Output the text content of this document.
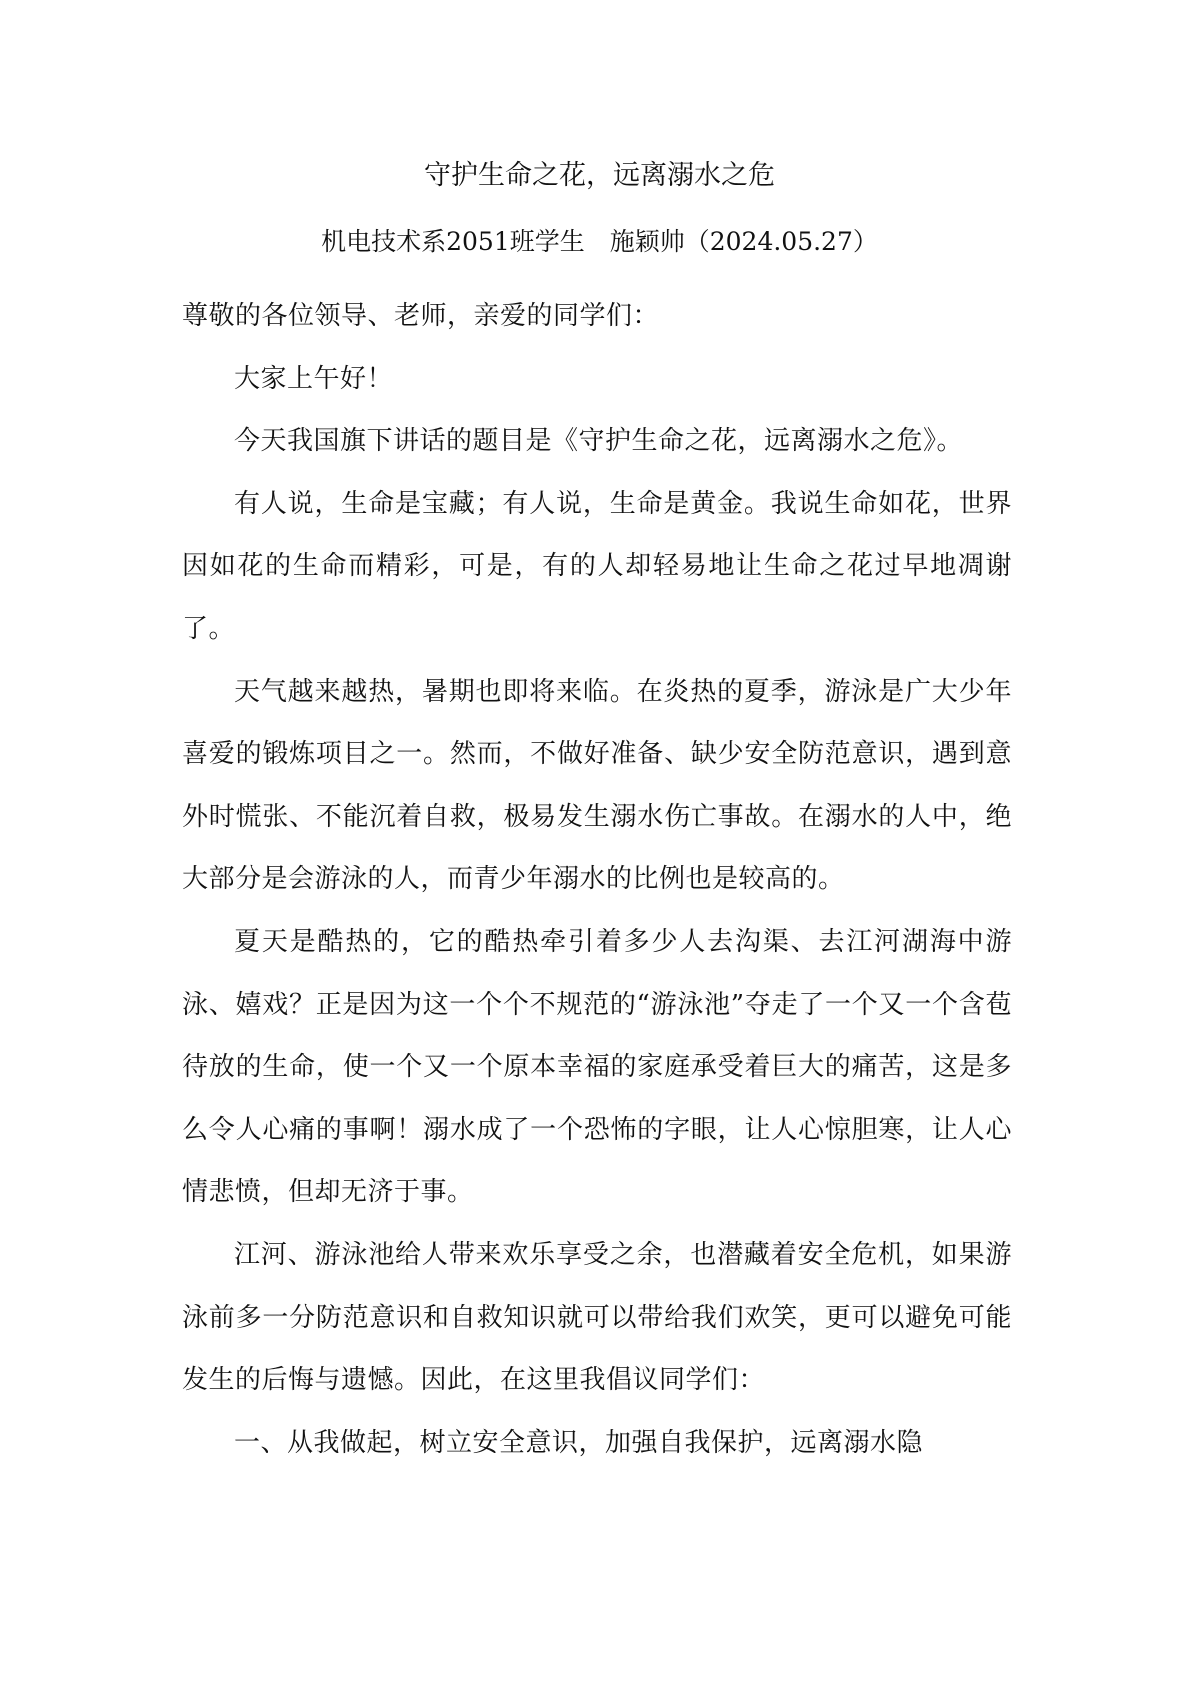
守护生命之花，远离溺水之危
机电技术系2051班学生　施颖帅（2024.05.27）

尊敬的各位领导、老师，亲爱的同学们：

大家上午好！

今天我国旗下讲话的题目是《守护生命之花，远离溺水之危》。

有人说，生命是宝藏；有人说，生命是黄金。我说生命如花，世界因如花的生命而精彩，可是，有的人却轻易地让生命之花过早地凋谢了。

天气越来越热，暑期也即将来临。在炎热的夏季，游泳是广大少年喜爱的锻炼项目之一。然而，不做好准备、缺少安全防范意识，遇到意外时慌张、不能沉着自救，极易发生溺水伤亡事故。在溺水的人中，绝大部分是会游泳的人，而青少年溺水的比例也是较高的。

夏天是酷热的，它的酷热牵引着多少人去沟渠、去江河湖海中游泳、嬉戏？正是因为这一个个不规范的“游泳池”夺走了一个又一个含苞待放的生命，使一个又一个原本幸福的家庭承受着巨大的痛苦，这是多么令人心痛的事啊！溺水成了一个恐怖的字眼，让人心惊胆寒，让人心情悲愤，但却无济于事。

江河、游泳池给人带来欢乐享受之余，也潜藏着安全危机，如果游泳前多一分防范意识和自救知识就可以带给我们欢笑，更可以避免可能发生的后悔与遗憾。因此，在这里我倡议同学们：

一、从我做起，树立安全意识，加强自我保护，远离溺水隐
